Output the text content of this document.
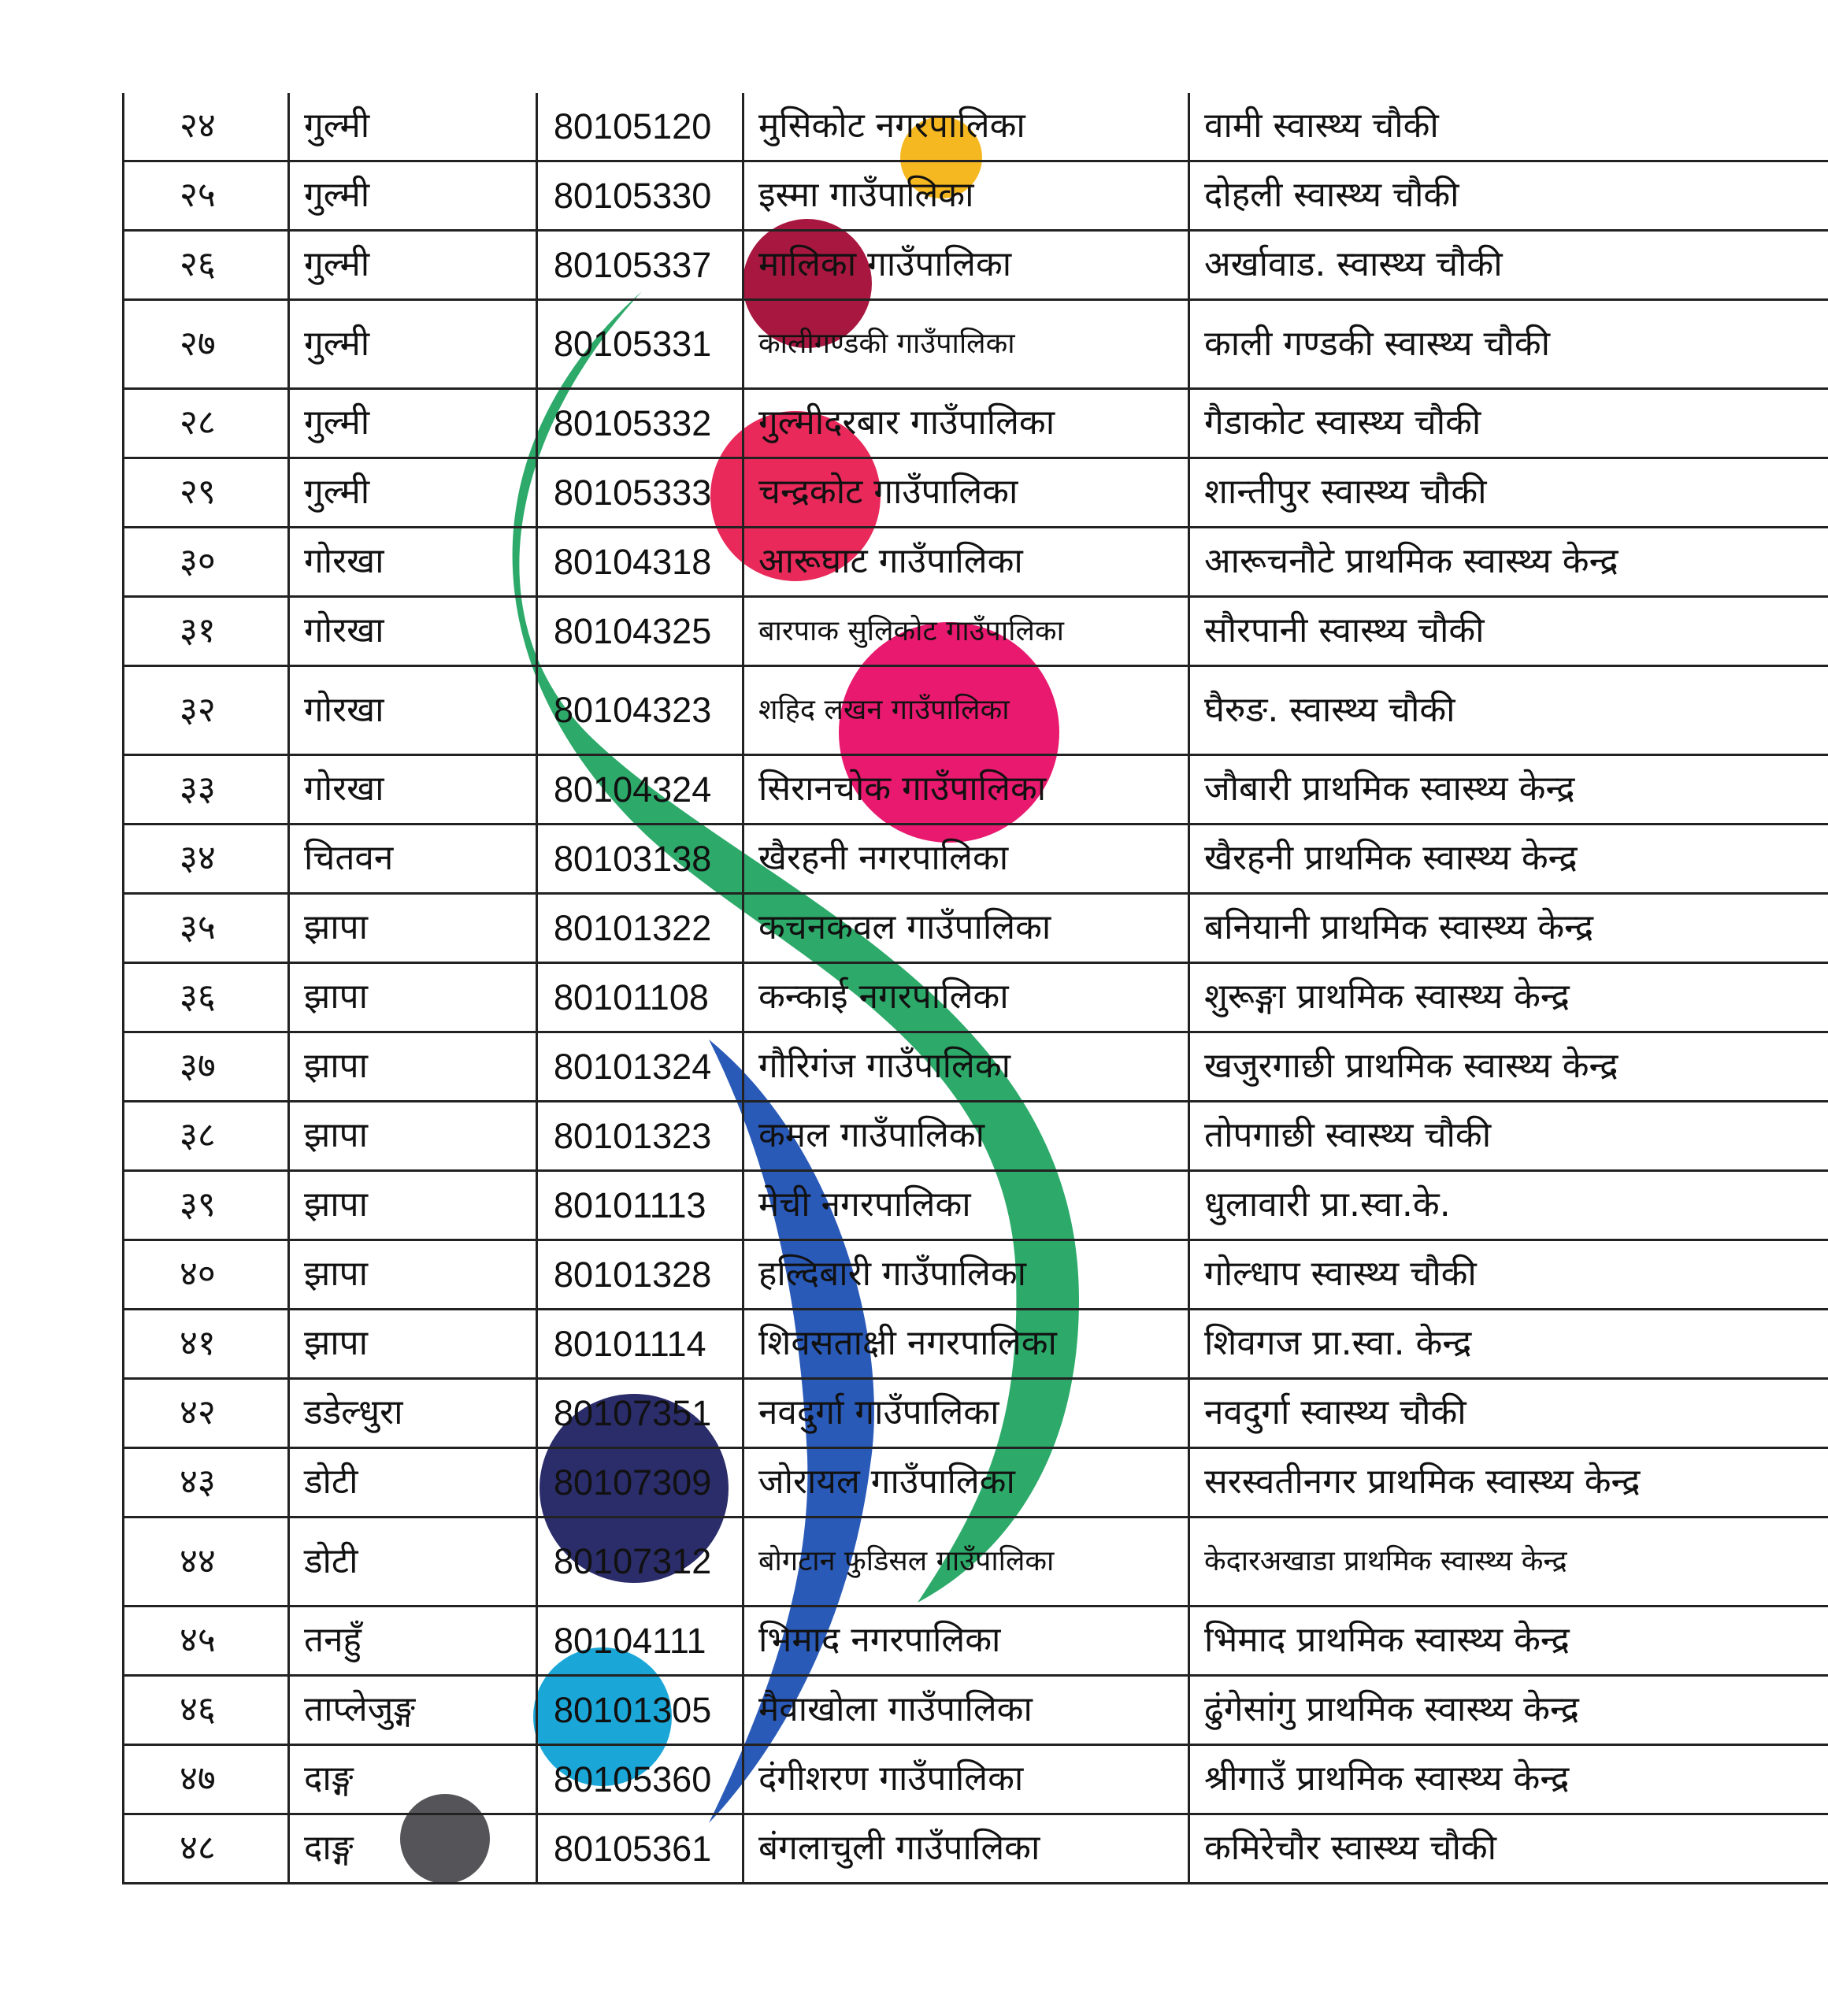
२४	गुल्मी	80105120	मुसिकोट नगरपालिका	वामी स्वास्थ्य चौकी
२५	गुल्मी	80105330	इस्मा गाउँपालिका	दोहली स्वास्थ्य चौकी
२६	गुल्मी	80105337	मालिका गाउँपालिका	अर्खावाड. स्वास्थ्य चौकी
२७	गुल्मी	80105331	कालीगण्डकी गाउँपालिका	काली गण्डकी स्वास्थ्य चौकी
२८	गुल्मी	80105332	गुल्मीदरबार गाउँपालिका	गैडाकोट स्वास्थ्य चौकी
२९	गुल्मी	80105333	चन्द्रकोट गाउँपालिका	शान्तीपुर स्वास्थ्य चौकी
३०	गोरखा	80104318	आरूघाट गाउँपालिका	आरूचनौटे प्राथमिक स्वास्थ्य केन्द्र
३१	गोरखा	80104325	बारपाक सुलिकोट गाउँपालिका	सौरपानी स्वास्थ्य चौकी
३२	गोरखा	80104323	शहिद लखन गाउँपालिका	घैरुङ. स्वास्थ्य चौकी
३३	गोरखा	80104324	सिरानचोक गाउँपालिका	जौबारी प्राथमिक स्वास्थ्य केन्द्र
३४	चितवन	80103138	खैरहनी नगरपालिका	खैरहनी प्राथमिक स्वास्थ्य केन्द्र
३५	झापा	80101322	कचनकवल गाउँपालिका	बनियानी प्राथमिक स्वास्थ्य केन्द्र
३६	झापा	80101108	कन्काई नगरपालिका	शुरूङ्गा प्राथमिक स्वास्थ्य केन्द्र
३७	झापा	80101324	गौरिगंज गाउँपालिका	खजुरगाछी प्राथमिक स्वास्थ्य केन्द्र
३८	झापा	80101323	कमल गाउँपालिका	तोपगाछी स्वास्थ्य चौकी
३९	झापा	80101113	मेची नगरपालिका	धुलावारी प्रा.स्वा.के.
४०	झापा	80101328	हल्दिबारी गाउँपालिका	गोल्धाप स्वास्थ्य चौकी
४१	झापा	80101114	शिवसताक्षी नगरपालिका	शिवगज प्रा.स्वा. केन्द्र
४२	डडेल्धुरा	80107351	नवदुर्गा गाउँपालिका	नवदुर्गा स्वास्थ्य चौकी
४३	डोटी	80107309	जोरायल गाउँपालिका	सरस्वतीनगर प्राथमिक स्वास्थ्य केन्द्र
४४	डोटी	80107312	बोगटान फुडिसल गाउँपालिका	केदारअखाडा प्राथमिक स्वास्थ्य केन्द्र
४५	तनहुँ	80104111	भिमाद नगरपालिका	भिमाद प्राथमिक स्वास्थ्य केन्द्र
४६	ताप्लेजुङ्ग	80101305	मैवाखोला गाउँपालिका	ढुंगेसांगु प्राथमिक स्वास्थ्य केन्द्र
४७	दाङ्ग	80105360	दंगीशरण गाउँपालिका	श्रीगाउँ प्राथमिक स्वास्थ्य केन्द्र
४८	दाङ्ग	80105361	बंगलाचुली गाउँपालिका	कमिरेचौर स्वास्थ्य चौकी
